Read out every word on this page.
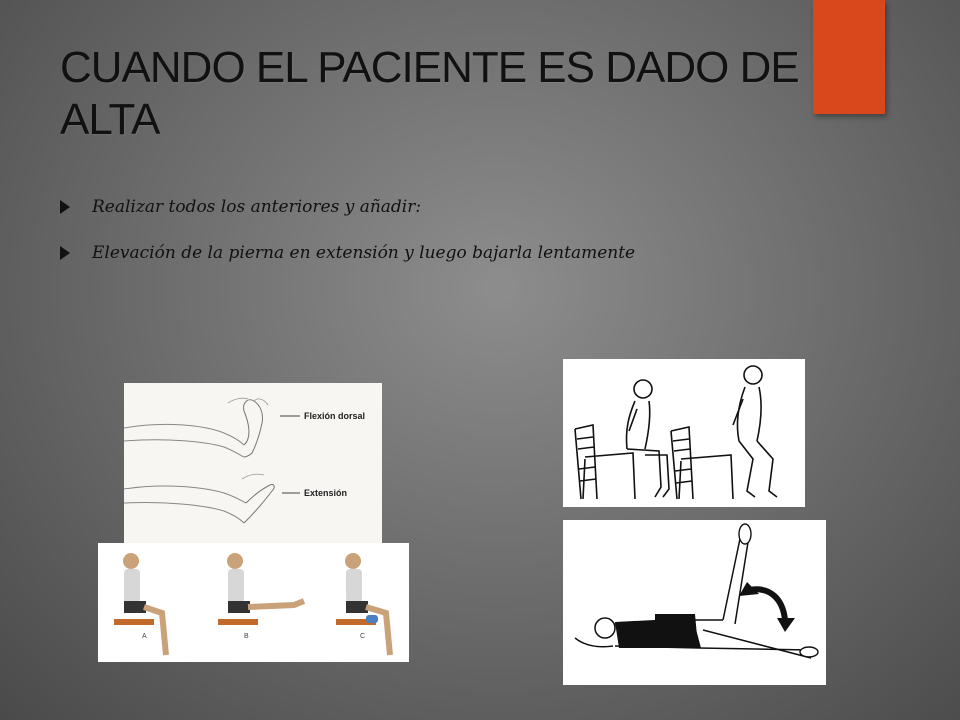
CUANDO EL PACIENTE ES DADO DE ALTA
Realizar todos los anteriores y añadir:
Elevación de la pierna en extensión y luego bajarla lentamente
Flexión dorsal
Extensión
A	B	C
